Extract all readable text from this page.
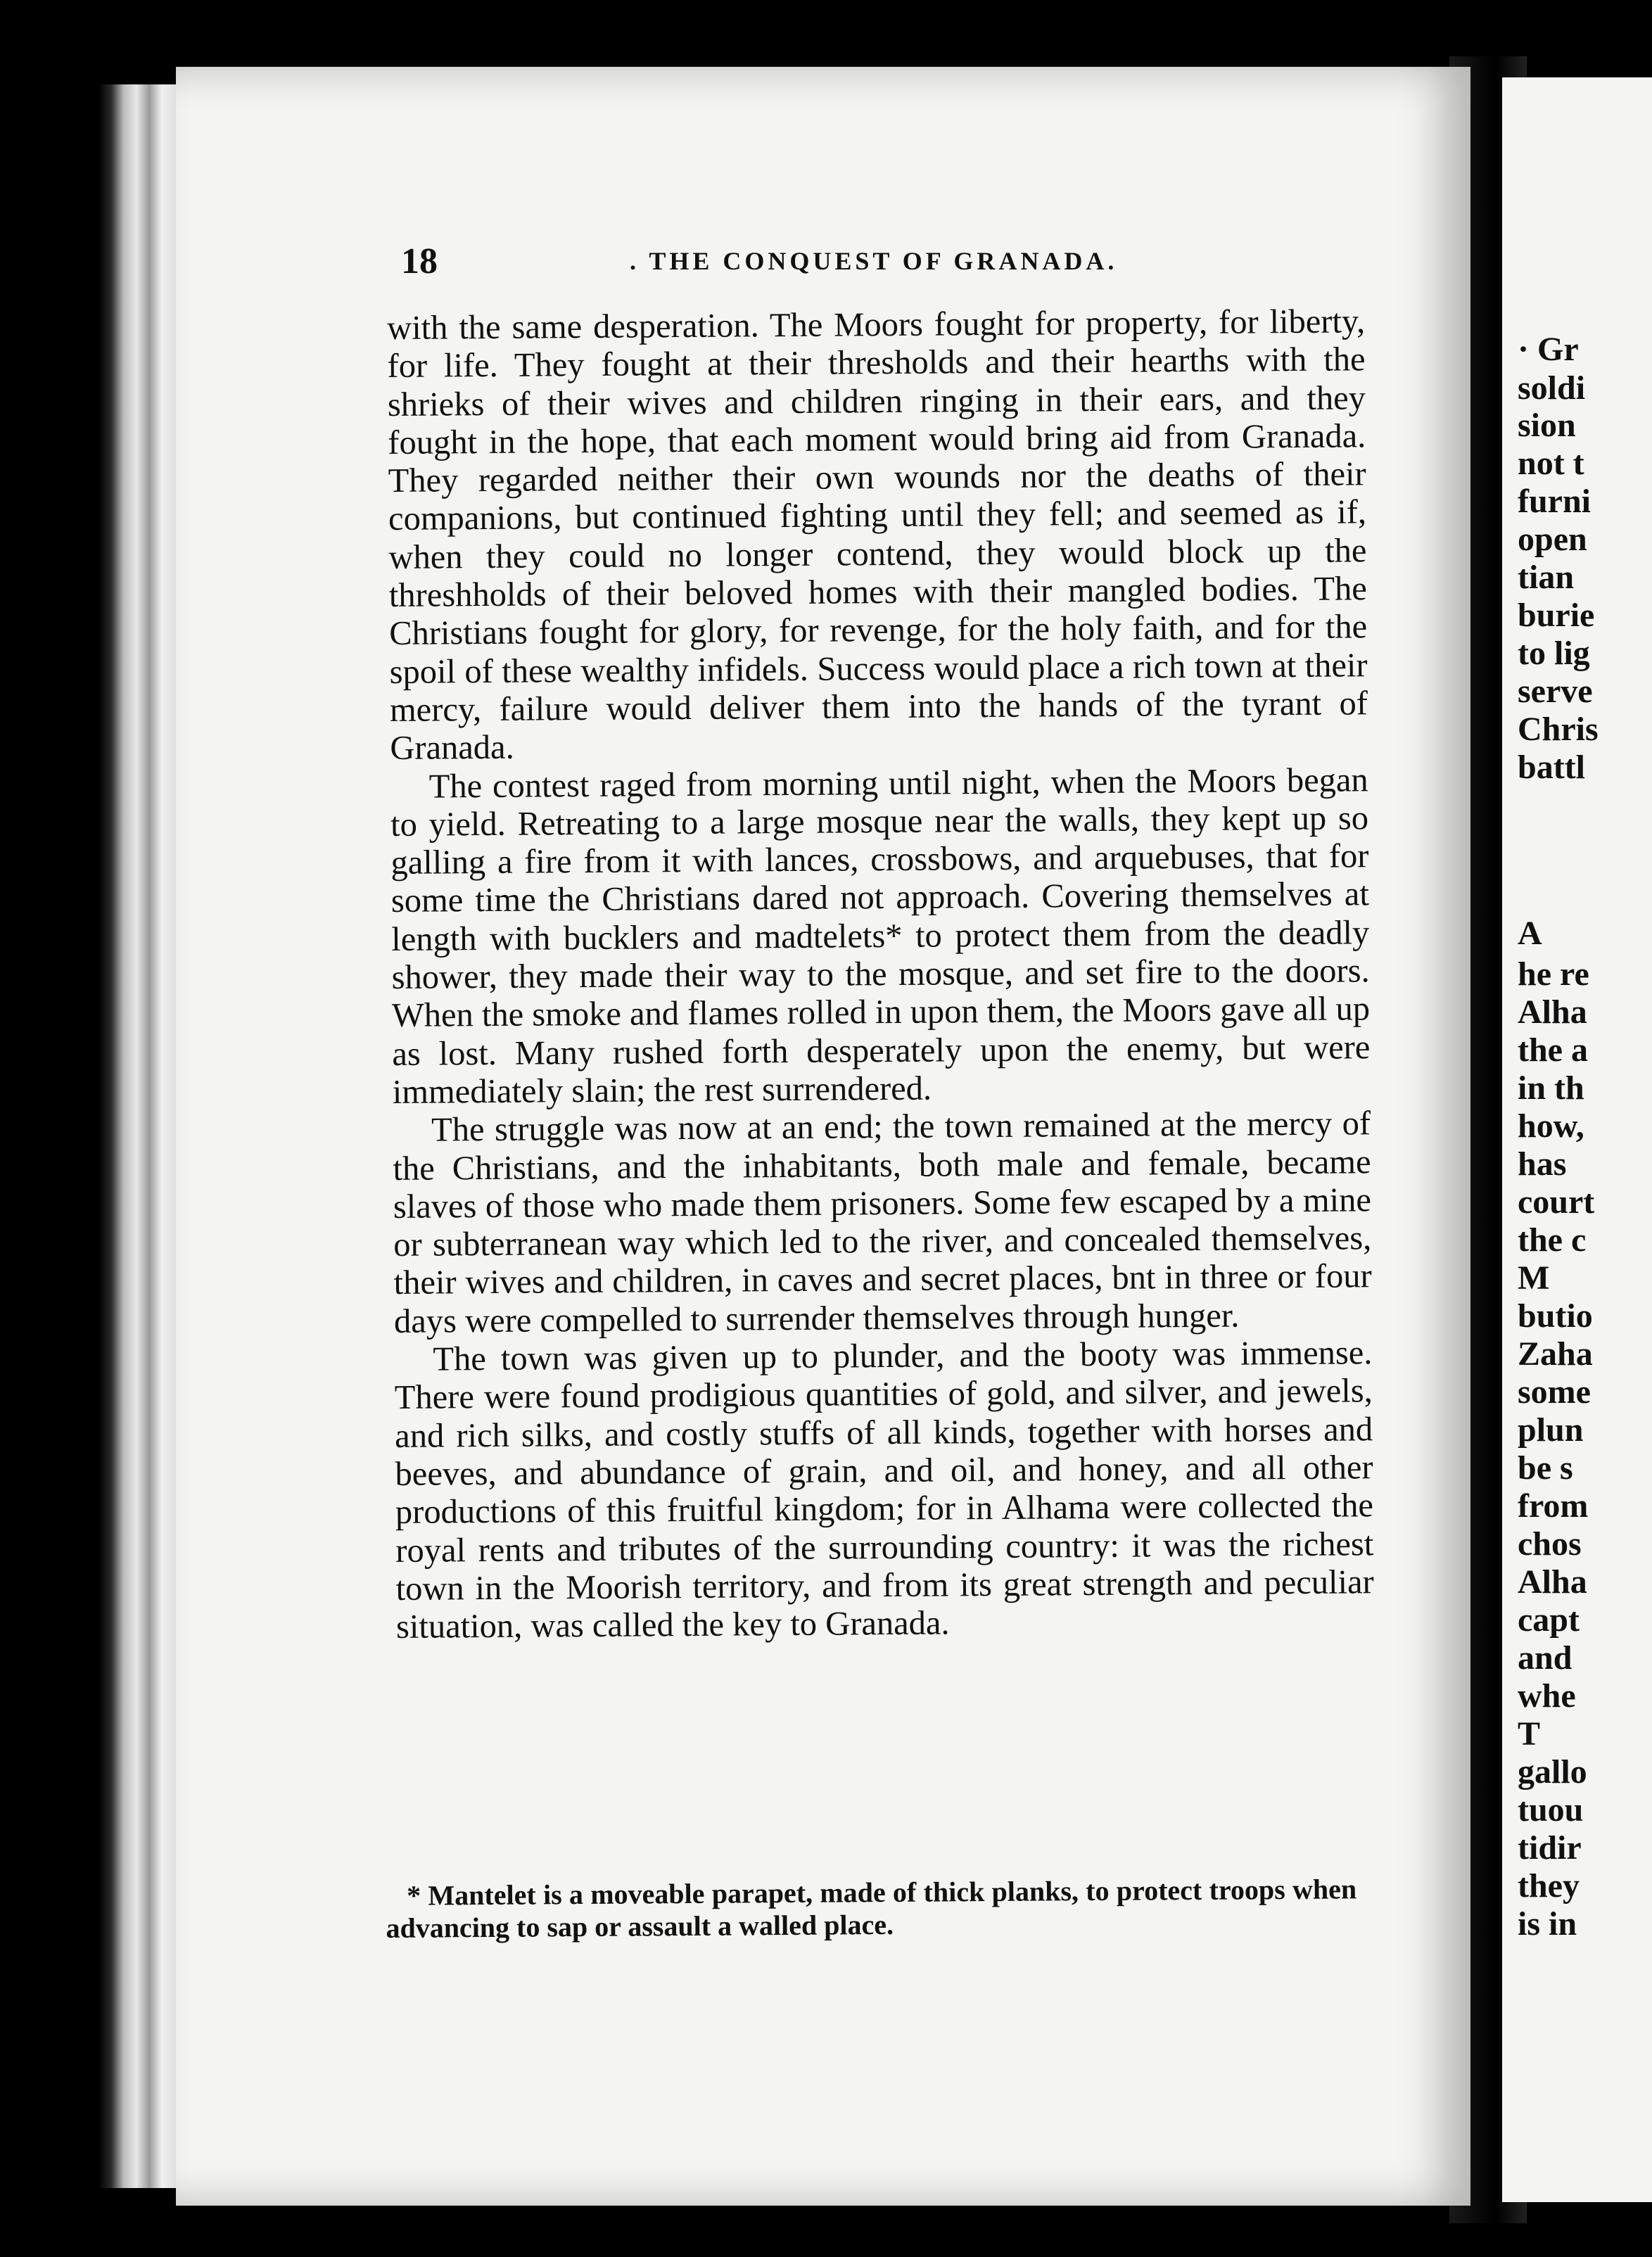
18	. THE CONQUEST OF GRANADA.

with the same desperation. The Moors fought for property, for liberty, for life. They fought at their thresholds and their hearths with the shrieks of their wives and children ringing in their ears, and they fought in the hope, that each moment would bring aid from Granada. They regarded neither their own wounds nor the deaths of their companions, but continued fighting until they fell; and seemed as if, when they could no longer contend, they would block up the threshholds of their beloved homes with their mangled bodies. The Christians fought for glory, for revenge, for the holy faith, and for the spoil of these wealthy infidels. Success would place a rich town at their mercy, failure would deliver them into the hands of the tyrant of Granada.

The contest raged from morning until night, when the Moors began to yield. Retreating to a large mosque near the walls, they kept up so galling a fire from it with lances, crossbows, and arquebuses, that for some time the Christians dared not approach. Covering themselves at length with bucklers and madtelets* to protect them from the deadly shower, they made their way to the mosque, and set fire to the doors. When the smoke and flames rolled in upon them, the Moors gave all up as lost. Many rushed forth desperately upon the enemy, but were immediately slain; the rest surrendered.

The struggle was now at an end; the town remained at the mercy of the Christians, and the inhabitants, both male and female, became slaves of those who made them prisoners. Some few escaped by a mine or subterranean way which led to the river, and concealed themselves, their wives and children, in caves and secret places, bnt in three or four days were compelled to surrender themselves through hunger.

The town was given up to plunder, and the booty was immense. There were found prodigious quantities of gold, and silver, and jewels, and rich silks, and costly stuffs of all kinds, together with horses and beeves, and abundance of grain, and oil, and honey, and all other productions of this fruitful kingdom; for in Alhama were collected the royal rents and tributes of the surrounding country: it was the richest town in the Moorish territory, and from its great strength and peculiar situation, was called the key to Granada.

* Mantelet is a moveable parapet, made of thick planks, to protect troops when advancing to sap or assault a walled place.
· Gr
soldi
sion
not t
furni
open
tian
burie
to lig
serve
Chris
battl
A
he re
Alha
the a
in th
how,
has
court
the c
M
butio
Zaha
some
plun
be s
from
chos
Alha
capt
and
whe
T
gallo
tuou
tidir
they
is in
